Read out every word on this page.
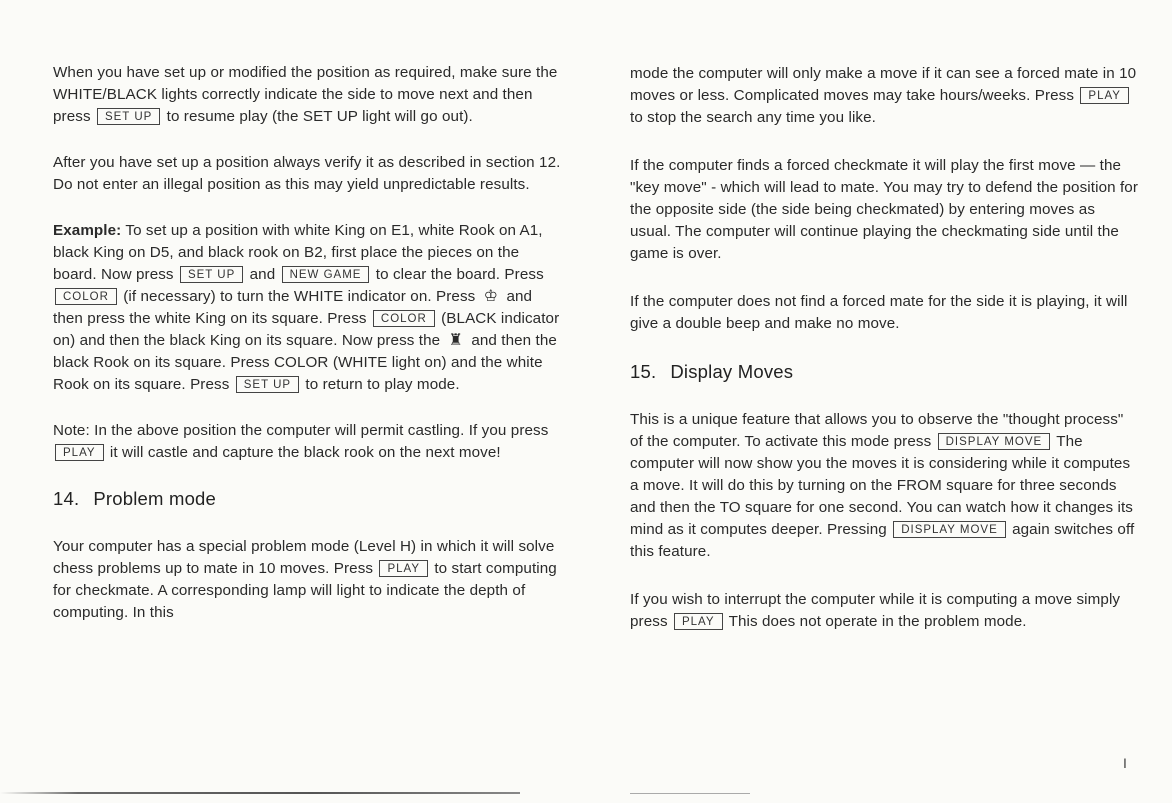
When you have set up or modified the position as required, make sure the WHITE/BLACK lights correctly indicate the side to move next and then press SET UP to resume play (the SET UP light will go out).

After you have set up a position always verify it as described in section 12. Do not enter an illegal position as this may yield unpredictable results.

Example: To set up a position with white King on E1, white Rook on A1, black King on D5, and black rook on B2, first place the pieces on the board. Now press SET UP and NEW GAME to clear the board. Press COLOR (if necessary) to turn the WHITE indicator on. Press ♔ and then press the white King on its square. Press COLOR (BLACK indicator on) and then the black King on its square. Now press the ♜ and then the black Rook on its square. Press COLOR (WHITE light on) and the white Rook on its square. Press SET UP to return to play mode.

Note: In the above position the computer will permit castling. If you press PLAY it will castle and capture the black rook on the next move!

14. Problem mode

Your computer has a special problem mode (Level H) in which it will solve chess problems up to mate in 10 moves. Press PLAY to start computing for checkmate. A corresponding lamp will light to indicate the depth of computing. In this

mode the computer will only make a move if it can see a forced mate in 10 moves or less. Complicated moves may take hours/weeks. Press PLAY to stop the search any time you like.

If the computer finds a forced checkmate it will play the first move — the "key move" - which will lead to mate. You may try to defend the position for the opposite side (the side being checkmated) by entering moves as usual. The computer will continue playing the checkmating side until the game is over.

If the computer does not find a forced mate for the side it is playing, it will give a double beep and make no move.

15. Display Moves

This is a unique feature that allows you to observe the "thought process" of the computer. To activate this mode press DISPLAY MOVE The computer will now show you the moves it is considering while it computes a move. It will do this by turning on the FROM square for three seconds and then the TO square for one second. You can watch how it changes its mind as it computes deeper. Pressing DISPLAY MOVE again switches off this feature.

If you wish to interrupt the computer while it is computing a move simply press PLAY This does not operate in the problem mode.

I
